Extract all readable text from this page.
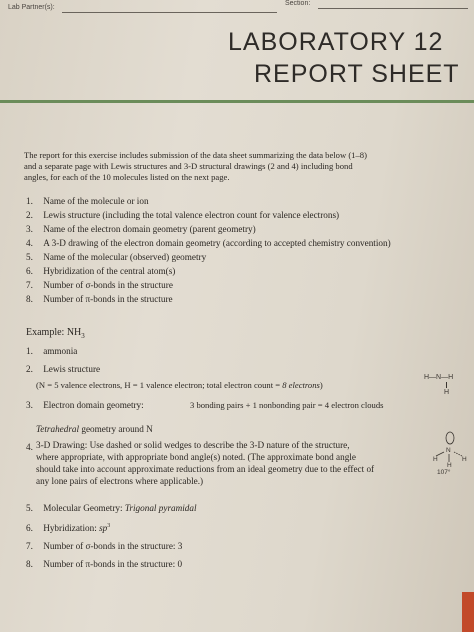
Lab Partner(s):
Section:
LABORATORY 12
REPORT SHEET
The report for this exercise includes submission of the data sheet summarizing the data below (1–8)
and a separate page with Lewis structures and 3-D structural drawings (2 and 4) including bond
angles, for each of the 10 molecules listed on the next page.
1. Name of the molecule or ion
2. Lewis structure (including the total valence electron count for valence electrons)
3. Name of the electron domain geometry (parent geometry)
4. A 3-D drawing of the electron domain geometry (according to accepted chemistry convention)
5. Name of the molecular (observed) geometry
6. Hybridization of the central atom(s)
7. Number of σ-bonds in the structure
8. Number of π-bonds in the structure
Example: $NH_3$
1. ammonia
2. Lewis structure
(N = 5 valence electrons, H = 1 valence electron; total electron count = 8 electrons)
H—N—H
H
3. Electron domain geometry:	3 bonding pairs + 1 nonbonding pair = 4 electron clouds
Tetrahedral geometry around N
4. 3-D Drawing: Use dashed or solid wedges to describe the 3-D nature of the structure,
where appropriate, with appropriate bond angle(s) noted. (The approximate bond angle
should take into account approximate reductions from an ideal geometry due to the effect of
any lone pairs of electrons where applicable.)
N
H	H
H
107°
5. Molecular Geometry: Trigonal pyramidal
6. Hybridization: $sp^3$
7. Number of σ-bonds in the structure: 3
8. Number of π-bonds in the structure: 0
